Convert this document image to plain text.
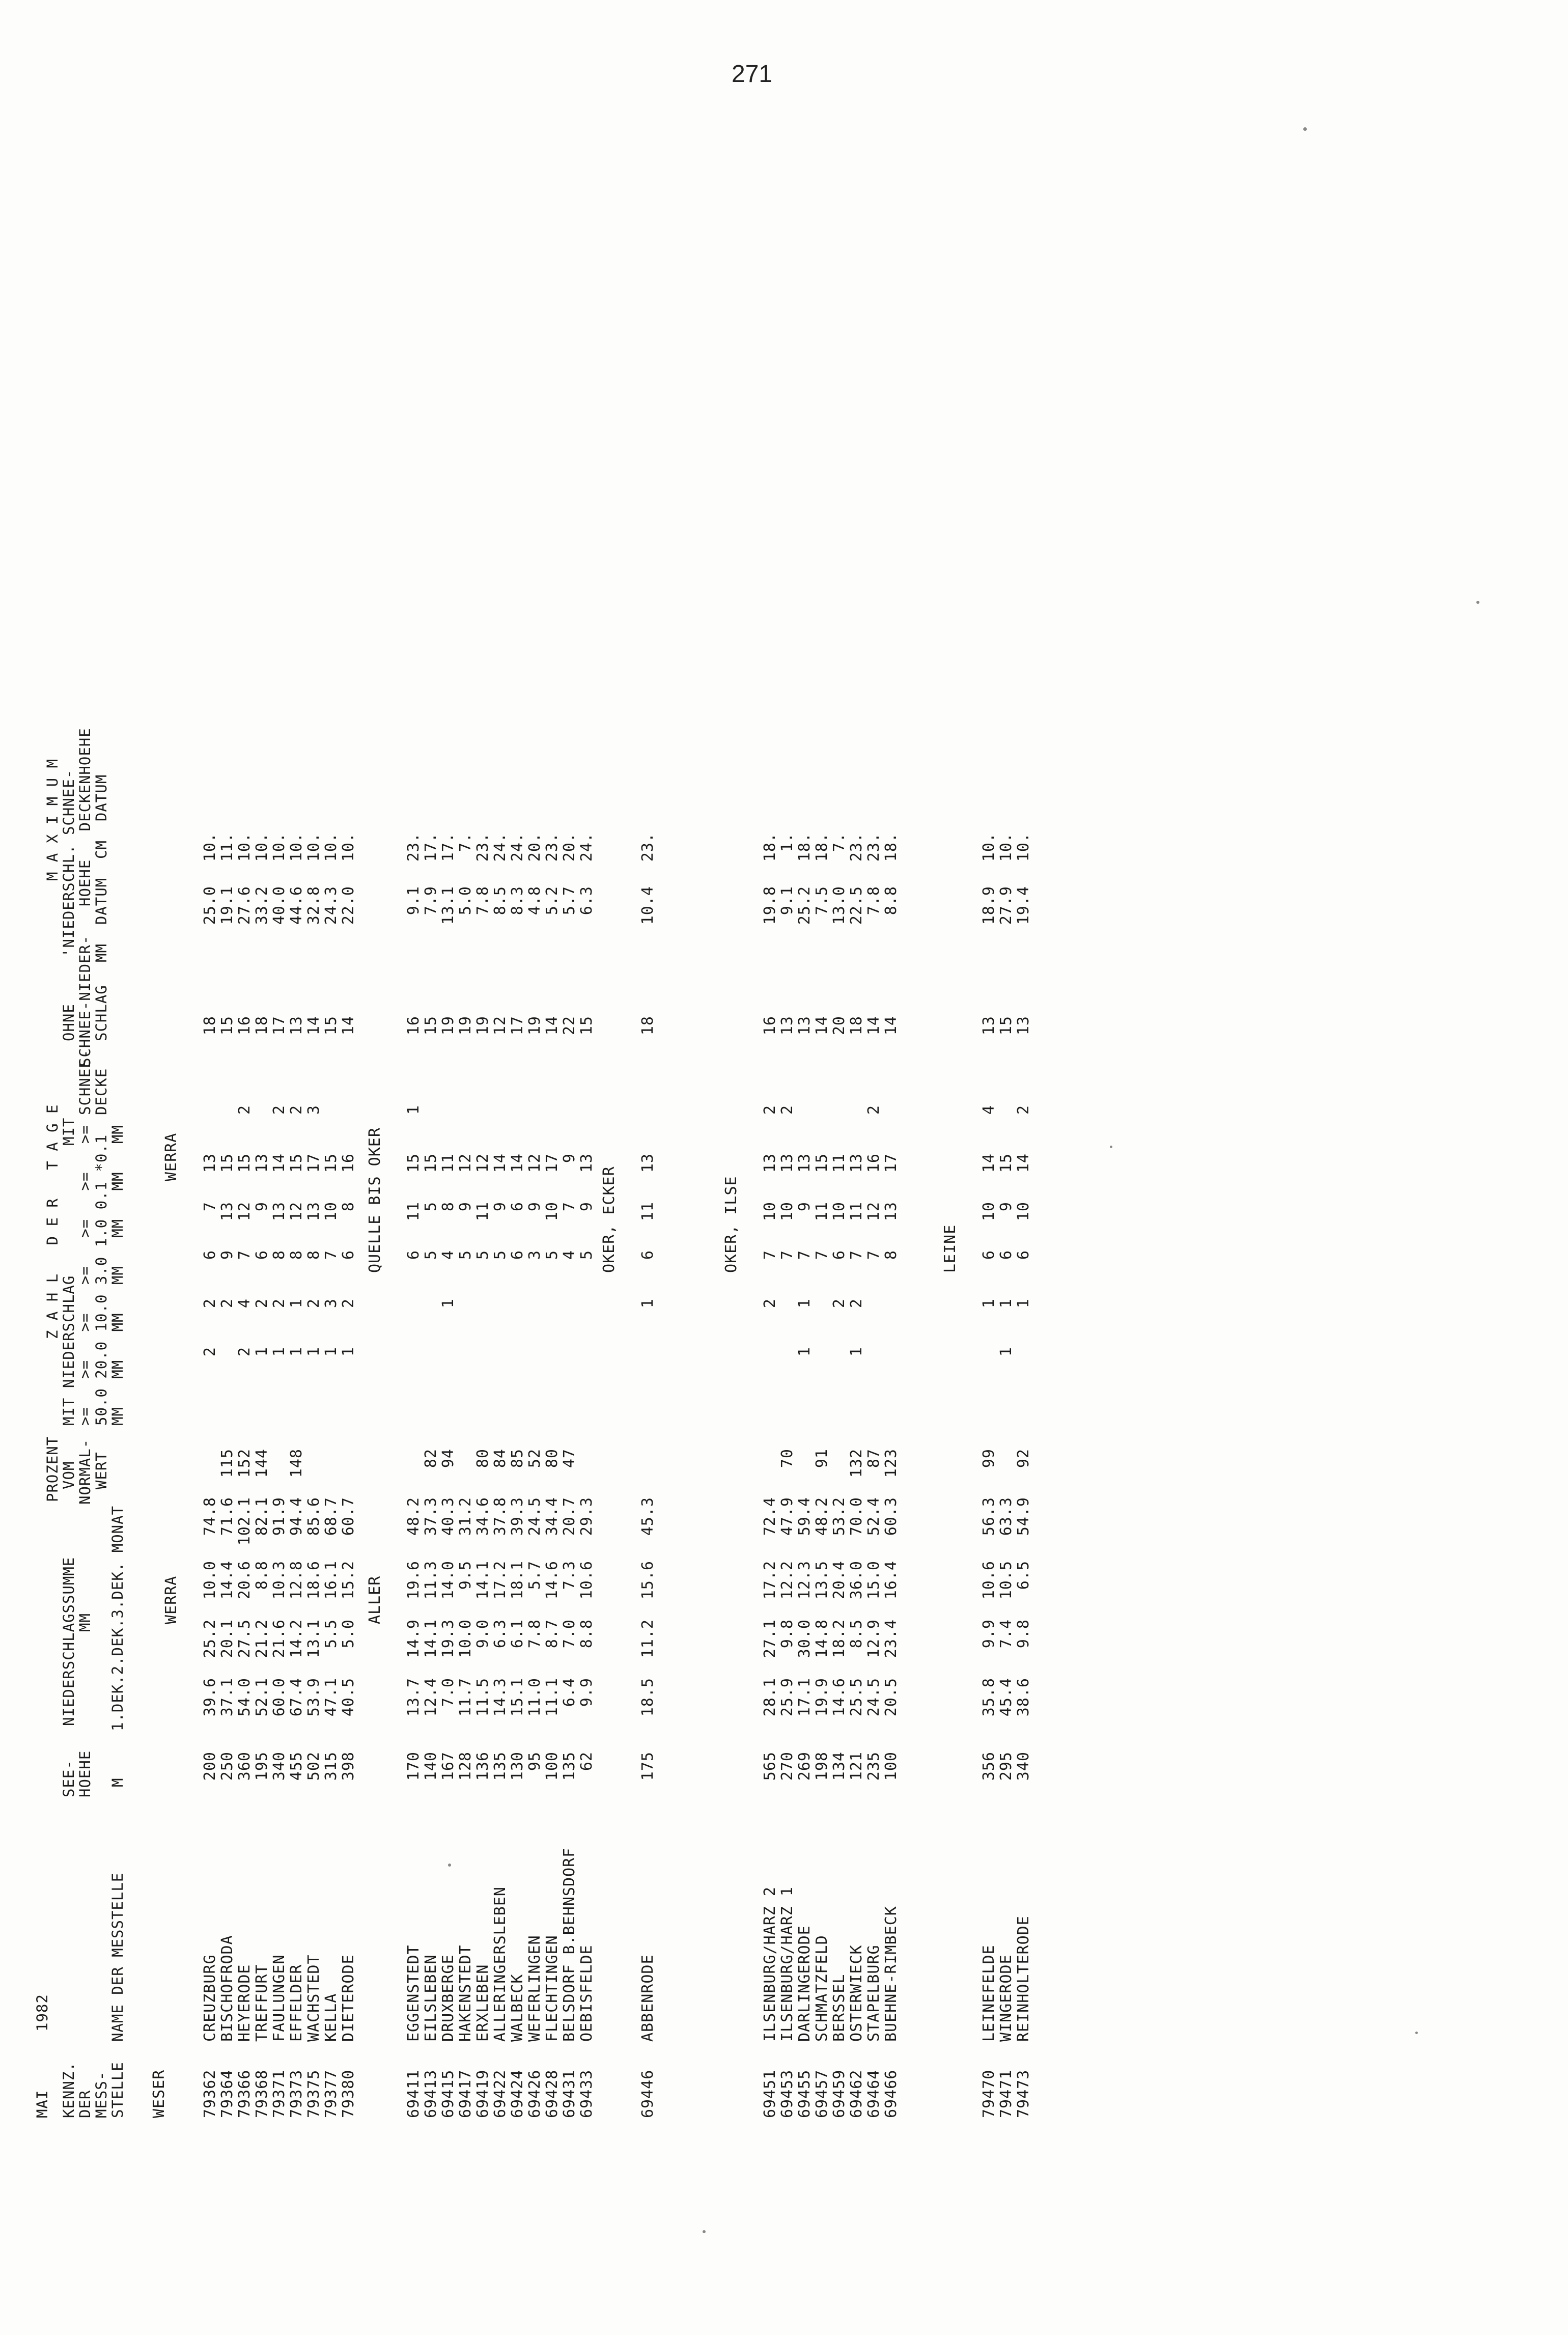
271
MAI
1982
KENNZ.
DER
MESS-
STELLE
NAME DER MESSTELLE
SEE-
HOEHE M
NIEDERSCHLAGSSUMME
MM 1.DEK.2.DEK.3.DEK. MONAT
PROZENT
VOM
NORMAL-
WERT
Z A H L   D E R   T A G E
MIT NIEDERSCHLAG
MIT
>=   >=   >=   >=   >=   >=   >=
50.0 20.0 10.0 3.0 1.0 0.1 *0.1
MM   MM   MM   MM   MM   MM   MM
SCHNEE-
DECKE
OHNE
SCHNEE-NIEDER-
SCHLAG
M A X I M U M
'NIEDERSCHL. SCHNEE-
HOEHE   DECKENHOEHE
MM  DATUM  CM  DATUM
WESER
WERRA
WERRA
79362
CREUZBURG
200
39.6
25.2
10.0
74.8
2
2
6
7
13
18
25.0
10.
79364
BISCHOFRODA
250
37.1
20.1
14.4
71.6
115
2
9
13
15
15
19.1
11.
79366
HEYERODE
360
54.0
27.5
20.6
102.1
152
2
4
7
12
15
2
16
27.6
10.
79368
TREFFURT
195
52.1
21.2
8.8
82.1
144
1
2
6
9
13
18
33.2
10.
79371
FAULUNGEN
340
60.0
21.6
10.3
91.9
1
2
8
13
14
2
17
40.0
10.
79373
EFFELDER
455
67.4
14.2
12.8
94.4
148
1
1
8
12
15
2
13
44.6
10.
79375
WACHSTEDT
502
53.9
13.1
18.6
85.6
1
2
8
13
17
3
14
32.8
10.
79377
KELLA
315
47.1
5.5
16.1
68.7
1
3
7
10
15
15
24.3
10.
79380
DIETERODE
398
40.5
5.0
15.2
60.7
1
2
6
8
16
14
22.0
10.
ALLER
QUELLE BIS OKER
69411
EGGENSTEDT
170
13.7
14.9
19.6
48.2
6
11
15
1
16
9.1
23.
69413
EILSLEBEN
140
12.4
14.1
11.3
37.3
82
5
5
15
15
7.9
17.
69415
DRUXBERGE
167
7.0
19.3
14.0
40.3
94
1
4
8
11
19
13.1
17.
69417
HAKENSTEDT
128
11.7
10.0
9.5
31.2
5
9
12
19
5.0
7.
69419
ERXLEBEN
136
11.5
9.0
14.1
34.6
80
5
11
12
19
7.8
23.
69422
ALLERINGERSLEBEN
135
14.3
6.3
17.2
37.8
84
5
9
14
12
8.5
24.
69424
WALBECK
130
15.1
6.1
18.1
39.3
85
6
6
14
17
8.3
24.
69426
WEFERLINGEN
95
11.0
7.8
5.7
24.5
52
3
9
12
19
4.8
20.
69428
FLECHTINGEN
100
11.1
8.7
14.6
34.4
80
5
10
17
14
5.2
23.
69431
BELSDORF B.BEHNSDORF
135
6.4
7.0
7.3
20.7
47
4
7
9
22
5.7
20.
69433
OEBISFELDE
62
9.9
8.8
10.6
29.3
5
9
13
15
6.3
24.
OKER, ECKER
69446
ABBENRODE
175
18.5
11.2
15.6
45.3
1
6
11
13
18
10.4
23.
OKER, ILSE
69451
ILSENBURG/HARZ 2
565
28.1
27.1
17.2
72.4
2
7
10
13
2
16
19.8
18.
69453
ILSENBURG/HARZ 1
270
25.9
9.8
12.2
47.9
70
7
10
13
2
13
9.1
1.
69455
DARLINGERODE
269
17.1
30.0
12.3
59.4
1
1
7
9
13
13
25.2
18.
69457
SCHMATZFELD
198
19.9
14.8
13.5
48.2
91
7
11
15
14
7.5
18.
69459
BERSSEL
134
14.6
18.2
20.4
53.2
2
6
10
11
20
13.0
7.
69462
OSTERWIECK
121
25.5
8.5
36.0
70.0
132
1
2
7
11
13
18
22.5
23.
69464
STAPELBURG
235
24.5
12.9
15.0
52.4
87
7
12
16
2
14
7.8
23.
69466
BUEHNE-RIMBECK
100
20.5
23.4
16.4
60.3
123
8
13
17
14
8.8
18.
LEINE
79470
LEINEFELDE
356
35.8
9.9
10.6
56.3
99
1
6
10
14
4
13
18.9
10.
79471
WINGERODE
295
45.4
7.4
10.5
63.3
1
1
6
9
15
15
27.9
10.
79473
REINHOLTERODE
340
38.6
9.8
6.5
54.9
92
1
6
10
14
2
13
19.4
10.
